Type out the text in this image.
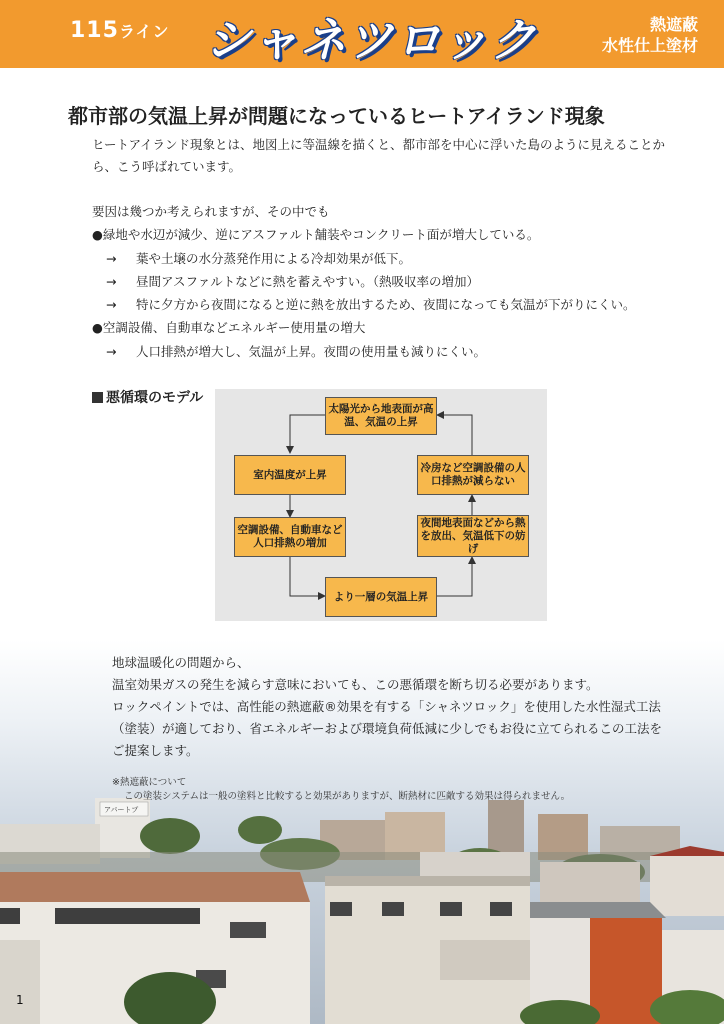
115ライン シャネツロック	熱遮蔽
水性仕上塗材
都市部の気温上昇が問題になっているヒートアイランド現象
ヒートアイランド現象とは、地図上に等温線を描くと、都市部を中心に浮いた島のように見えることから、こう呼ばれています。
要因は幾つか考えられますが、その中でも
●緑地や水辺が減少、逆にアスファルト舗装やコンクリート面が増大している。
→ 葉や土壌の水分蒸発作用による冷却効果が低下。
→ 昼間アスファルトなどに熱を蓄えやすい。（熱吸収率の増加）
→ 特に夕方から夜間になると逆に熱を放出するため、夜間になっても気温が下がりにくい。
●空調設備、自動車などエネルギー使用量の増大
→ 人口排熱が増大し、気温が上昇。夜間の使用量も減りにくい。
悪循環のモデル
太陽光から地表面が高温、気温の上昇
室内温度が上昇
空調設備、自動車など人口排熱の増加
より一層の気温上昇
夜間地表面などから熱を放出、気温低下の妨げ
冷房など空調設備の人口排熱が減らない
アパートプ
地球温暖化の問題から、
温室効果ガスの発生を減らす意味においても、この悪循環を断ち切る必要があります。
ロックペイントでは、高性能の熱遮蔽®効果を有する「シャネツロック」を使用した水性湿式工法（塗装）が適しており、省エネルギーおよび環境負荷低減に少しでもお役に立てられるこの工法をご提案します。
※熱遮蔽について
この塗装システムは一般の塗料と比較すると効果がありますが、断熱材に匹敵する効果は得られません。
1
